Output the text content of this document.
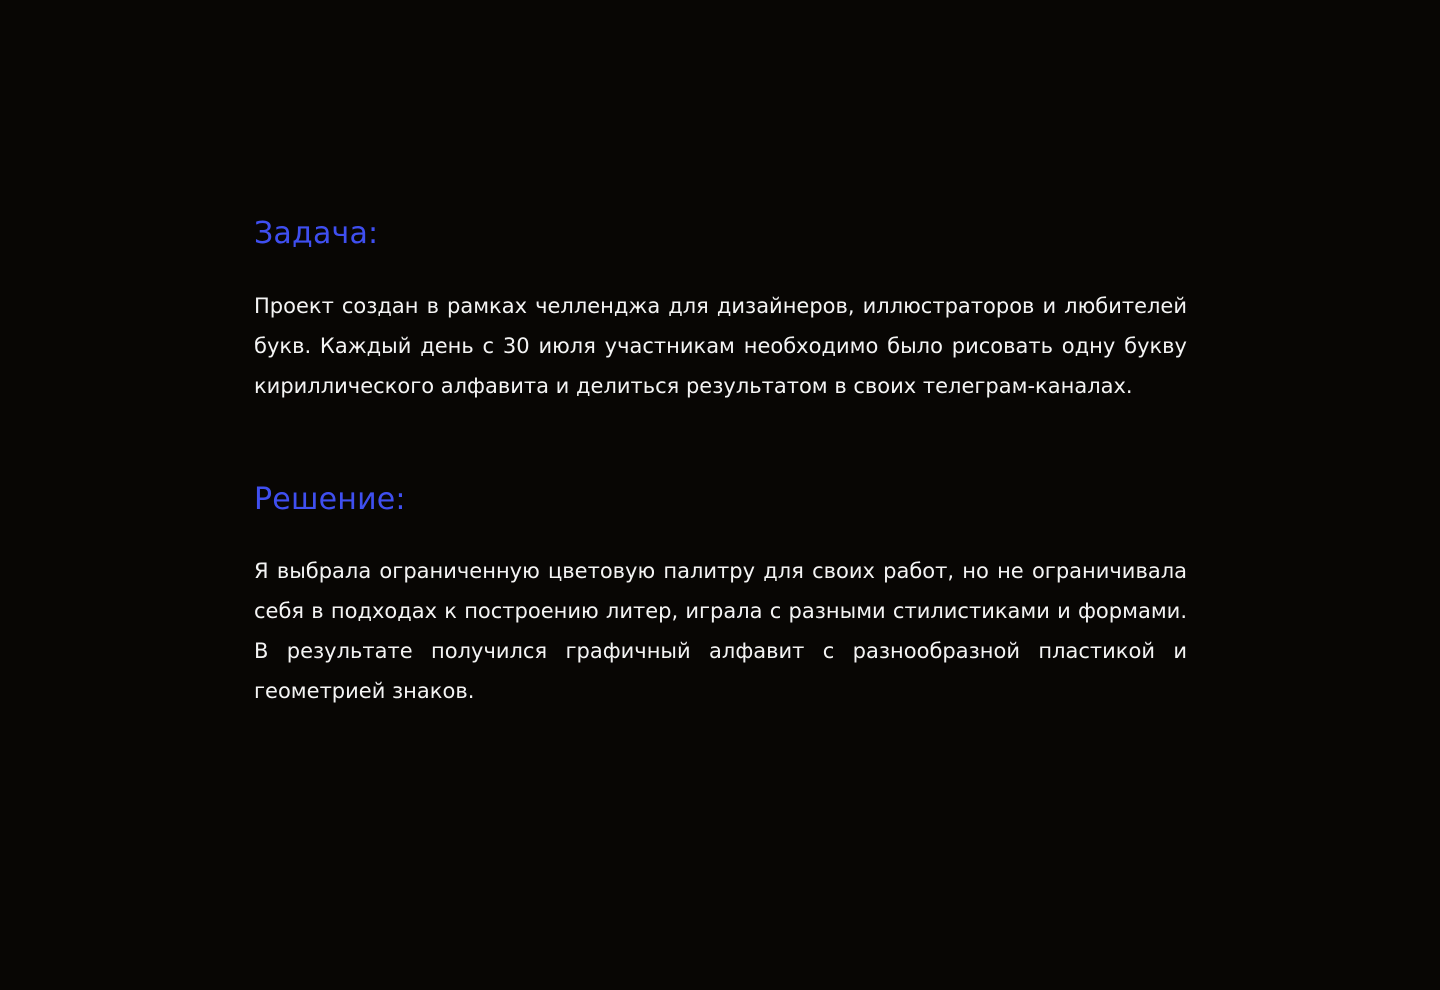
Задача:

Проект создан в рамках челленджа для дизайнеров, иллюстраторов и любителей букв. Каждый день с 30 июля участникам необходимо было рисовать одну букву кириллического алфавита и делиться результатом в своих телеграм-каналах.

Решение:

Я выбрала ограниченную цветовую палитру для своих работ, но не ограничивала себя в подходах к построению литер, играла с разными стилистиками и формами. В результате получился графичный алфавит с разнообразной пластикой и геометрией знаков.
